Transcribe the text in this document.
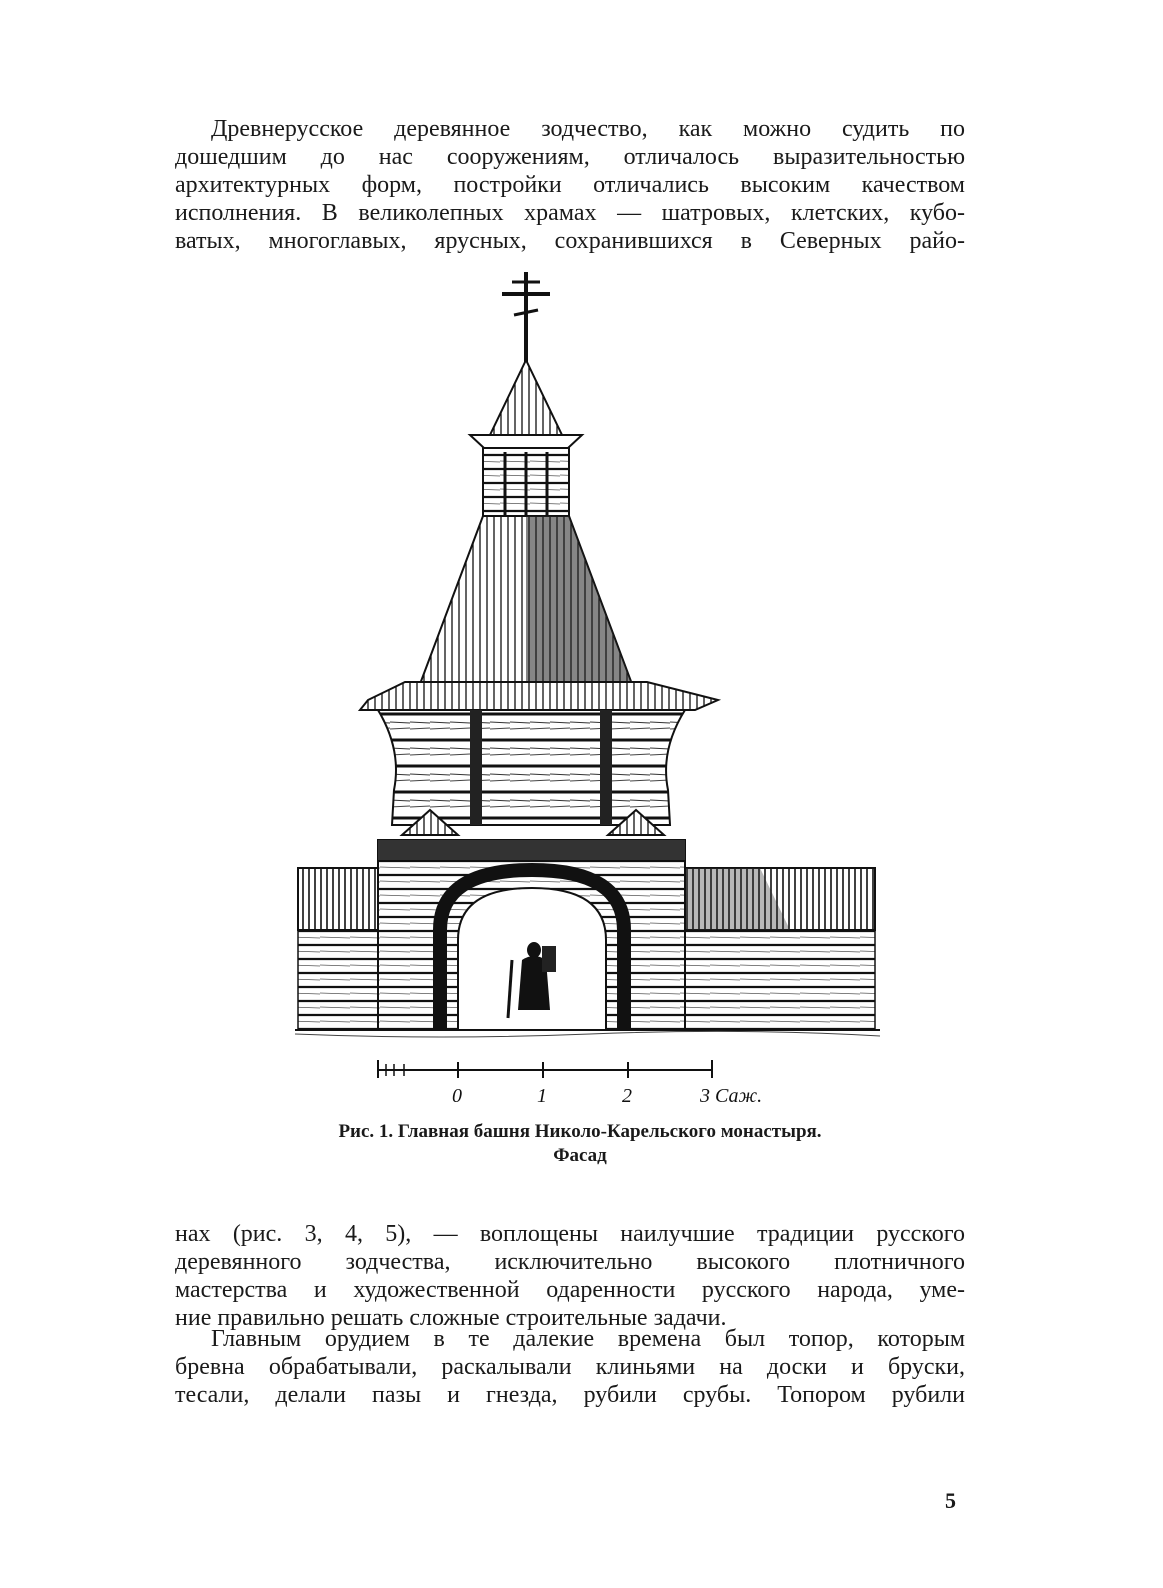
Древнерусское деревянное зодчество, как можно судить по
дошедшим до нас сооружениям, отличалось выразительностью
архитектурных форм, постройки отличались высоким качеством
исполнения. В великолепных храмах — шатровых, клетских, кубо-
ватых, многоглавых, ярусных, сохранившихся в Северных райо-
0	1	2	3 Саж.
Рис. 1. Главная башня Николо-Карельского монастыря.
Фасад
нах (рис. 3, 4, 5), — воплощены наилучшие традиции русского
деревянного зодчества, исключительно высокого плотничного
мастерства и художественной одаренности русского народа, уме-
ние правильно решать сложные строительные задачи.
Главным орудием в те далекие времена был топор, которым
бревна обрабатывали, раскалывали клиньями на доски и бруски,
тесали, делали пазы и гнезда, рубили срубы. Топором рубили
5
